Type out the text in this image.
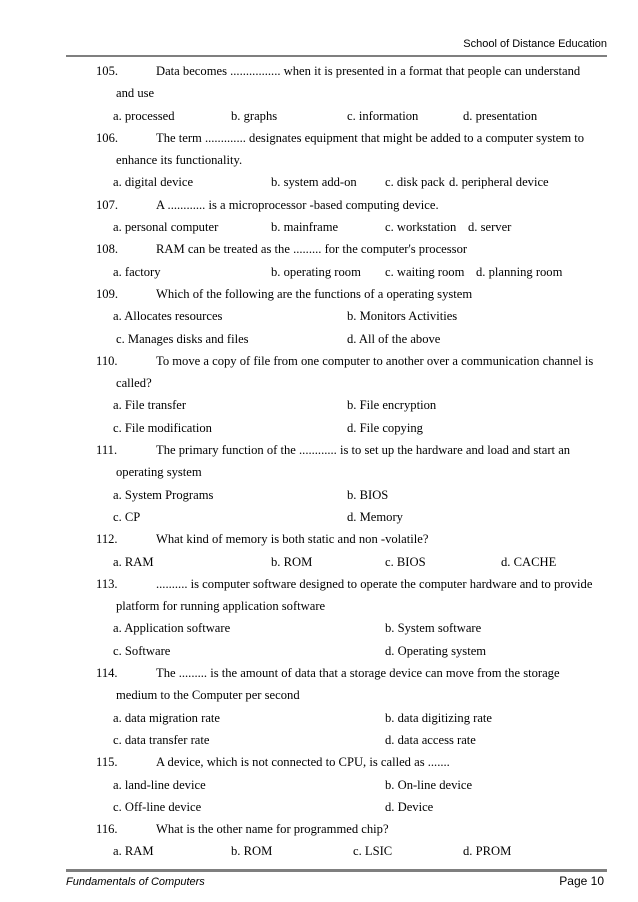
School of Distance Education
105.	Data becomes ................ when it is presented in a format that people can understand
and use
a. processed	b. graphs	c. information	d. presentation
106.	The term ............. designates equipment that might be added to a computer system to
enhance its functionality.
a. digital device	b. system add-on c. disk pack d. peripheral device
107.	A ............ is a microprocessor -based computing device.
a. personal computer	b. mainframe	c. workstation d. server
108.	RAM can be treated as the ......... for the computer's processor
a. factory	b. operating room c. waiting room d. planning room
109.	Which of the following are the functions of a operating system
a. Allocates resources	b. Monitors Activities
c. Manages disks and files	d. All of the above
110.	To move a copy of file from one computer to another over a communication channel is
called?
a. File transfer	b. File encryption
c. File modification	d. File copying
111.	The primary function of the ............ is to set up the hardware and load and start an
operating system
a. System Programs	b. BIOS
c. CP	d. Memory
112.	What kind of memory is both static and non -volatile?
a. RAM	b. ROM	c. BIOS	d. CACHE
113.	.......... is computer software designed to operate the computer hardware and to provide
platform for running application software
a. Application software	b. System software
c. Software	d. Operating system
114.	The ......... is the amount of data that a storage device can move from the storage
medium to the Computer per second
a. data migration rate	b. data digitizing rate
c. data transfer rate	d. data access rate
115.	A device, which is not connected to CPU, is called as .......
a. land-line device	b. On-line device
c. Off-line device	d. Device
116.	What is the other name for programmed chip?
a. RAM	b. ROM	c. LSIC	d. PROM
Fundamentals of Computers	Page 10
